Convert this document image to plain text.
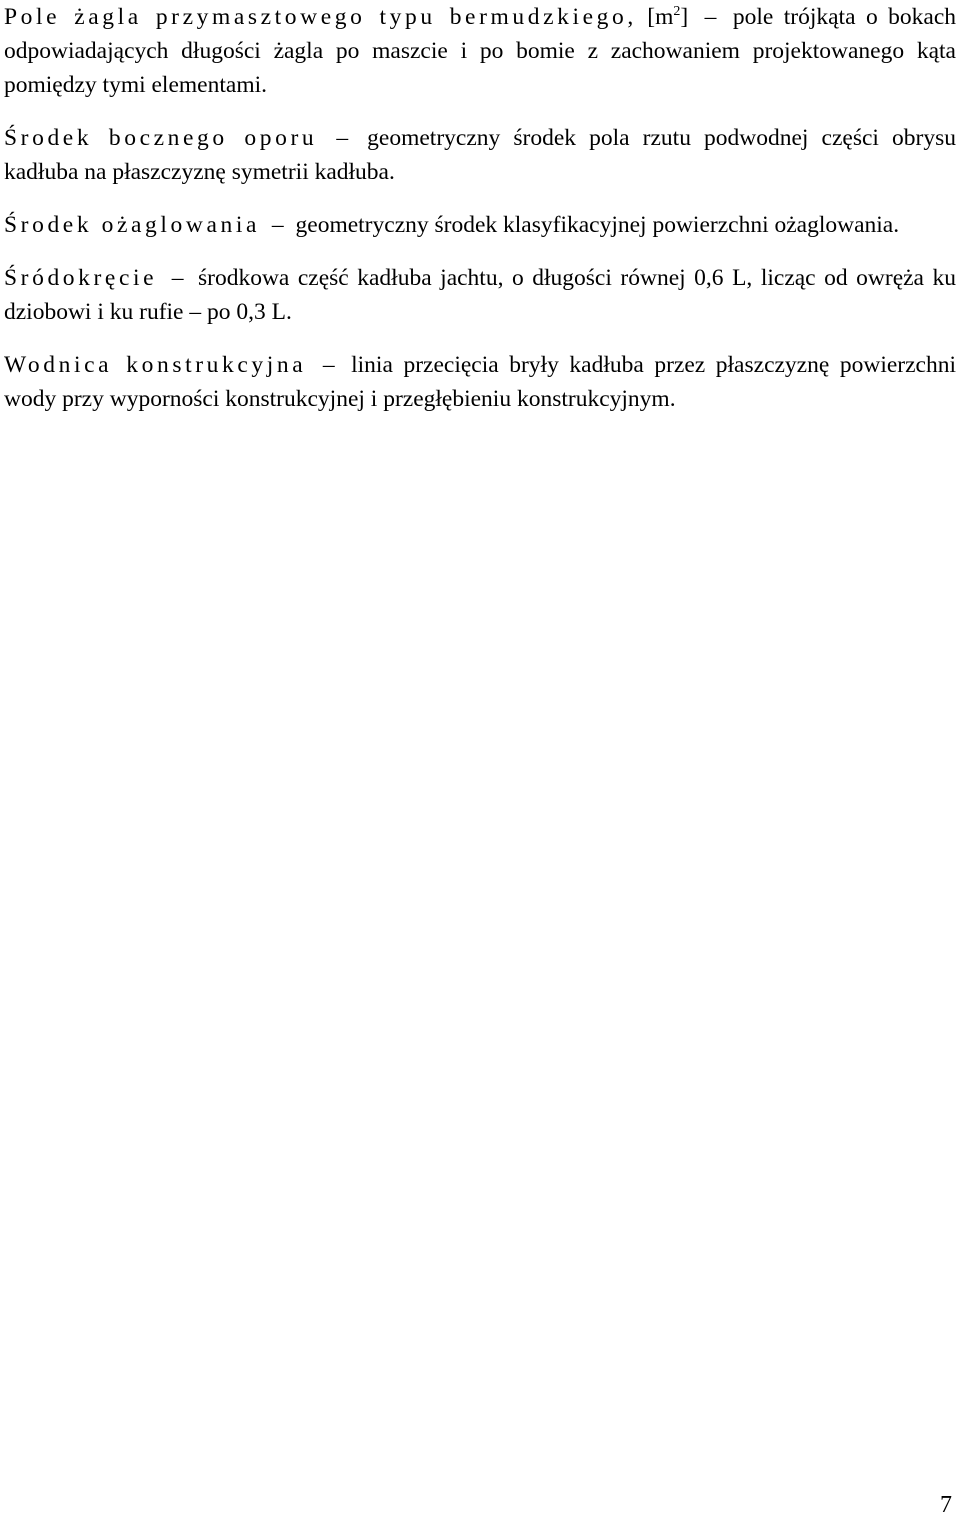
Pole żagla przymasztowego typu bermudzkiego, $[m^2]$ – pole trójkąta o bokach odpowiadających długości żagla po maszcie i po bomie z zachowaniem projektowanego kąta pomiędzy tymi elementami.

Środek bocznego oporu – geometryczny środek pola rzutu podwodnej części obrysu kadłuba na płaszczyznę symetrii kadłuba.

Środek ożaglowania – geometryczny środek klasyfikacyjnej powierzchni ożaglowania.

Śródokręcie – środkowa część kadłuba jachtu, o długości równej 0,6 L, licząc od owręża ku dziobowi i ku rufie – po 0,3 L.

Wodnica konstrukcyjna – linia przecięcia bryły kadłuba przez płaszczyznę powierzchni wody przy wyporności konstrukcyjnej i przegłębieniu konstrukcyjnym.

7
